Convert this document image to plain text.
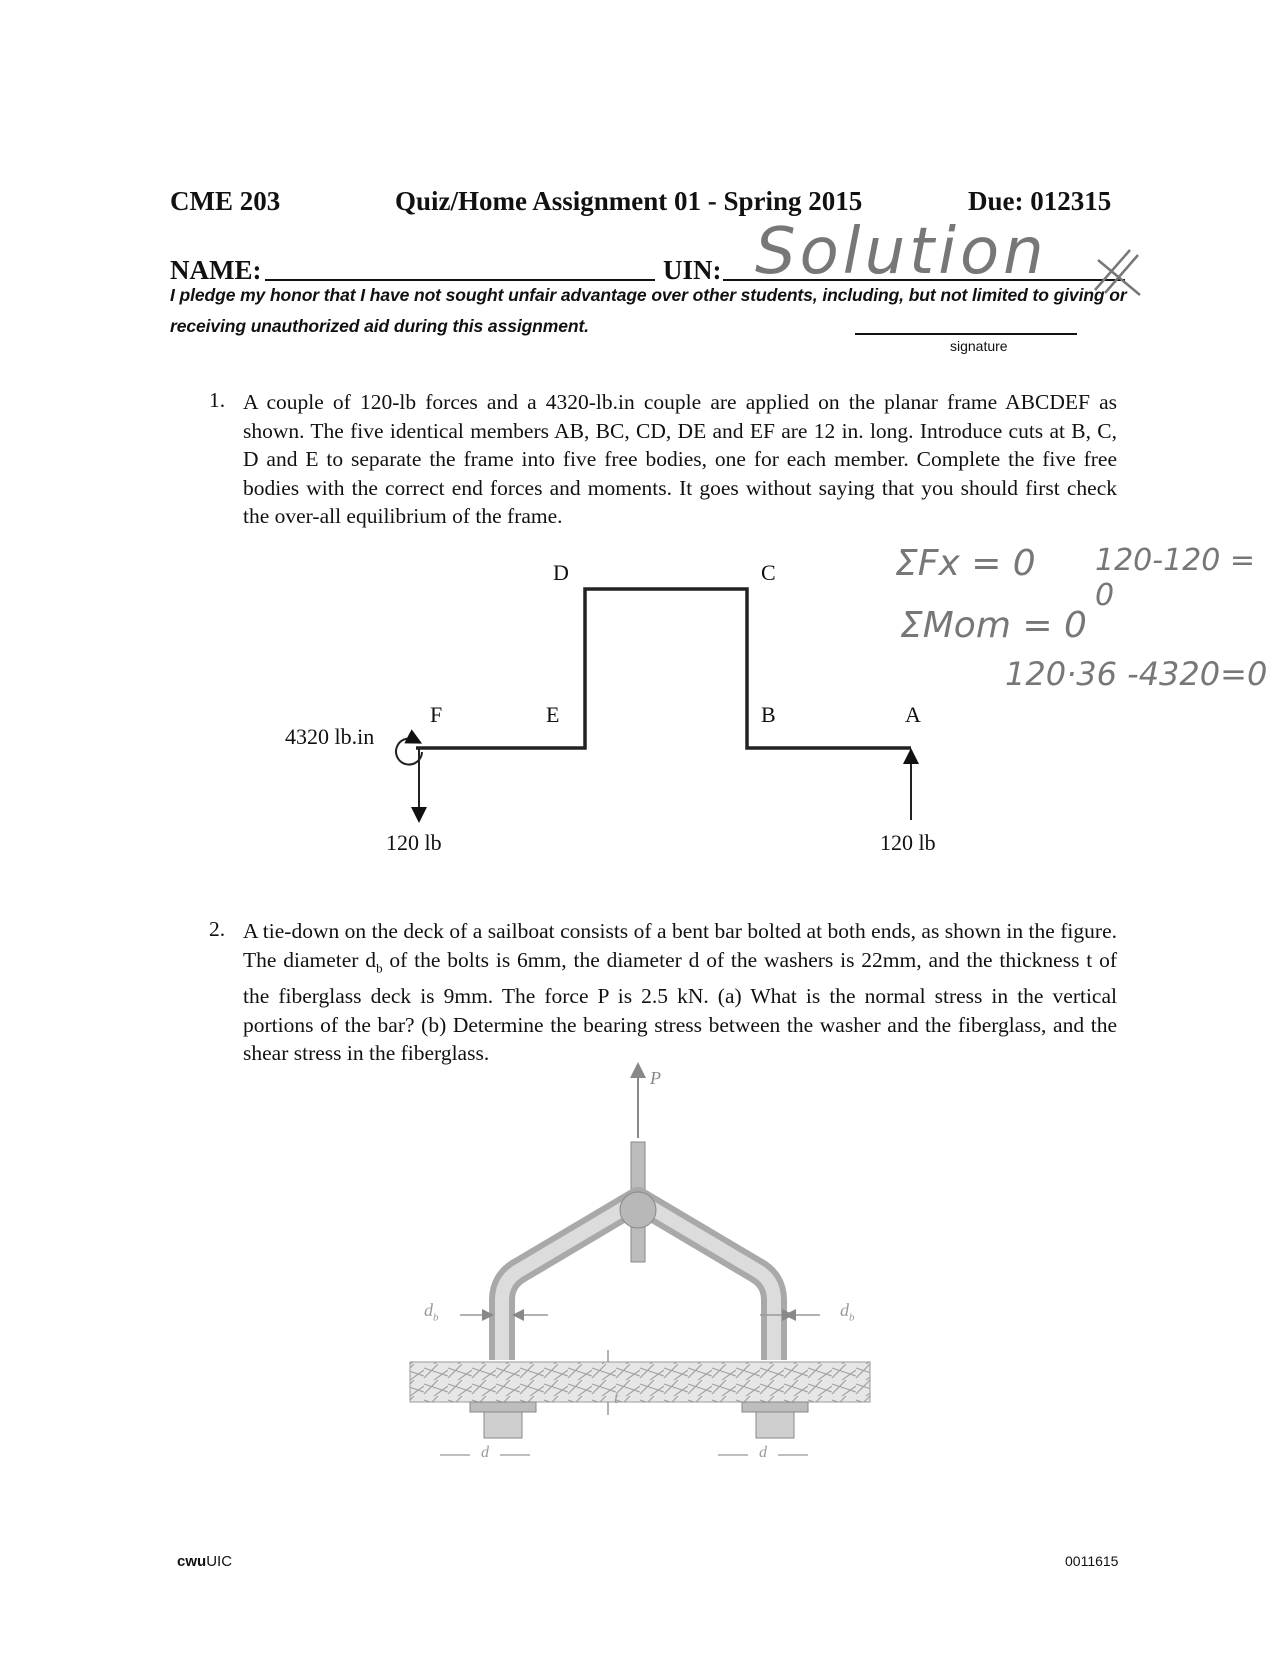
CME 203	Quiz/Home Assignment 01 - Spring 2015	Due: 012315
NAME:	UIN: Solution
I pledge my honor that I have not sought unfair advantage over other students, including, but not limited to giving or receiving unauthorized aid during this assignment.
signature
1. A couple of 120-lb forces and a 4320-lb.in couple are applied on the planar frame ABCDEF as shown. The five identical members AB, BC, CD, DE and EF are 12 in. long. Introduce cuts at B, C, D and E to separate the frame into five free bodies, one for each member. Complete the five free bodies with the correct end forces and moments. It goes without saying that you should first check the over-all equilibrium of the frame.
ΣFx = 0 120-120 = 0
ΣMom = 0
120·36 -4320=0
D	C
F	E	B	A
4320 lb.in
120 lb	120 lb
2. A tie-down on the deck of a sailboat consists of a bent bar bolted at both ends, as shown in the figure. The diameter $d_b$ of the bolts is 6mm, the diameter d of the washers is 22mm, and the thickness t of the fiberglass deck is 9mm. The force P is 2.5 kN. (a) What is the normal stress in the vertical portions of the bar? (b) Determine the bearing stress between the washer and the fiberglass, and the shear stress in the fiberglass.
P
$d_b$	$d_b$
t
d	d
cwuUIC	0011615
